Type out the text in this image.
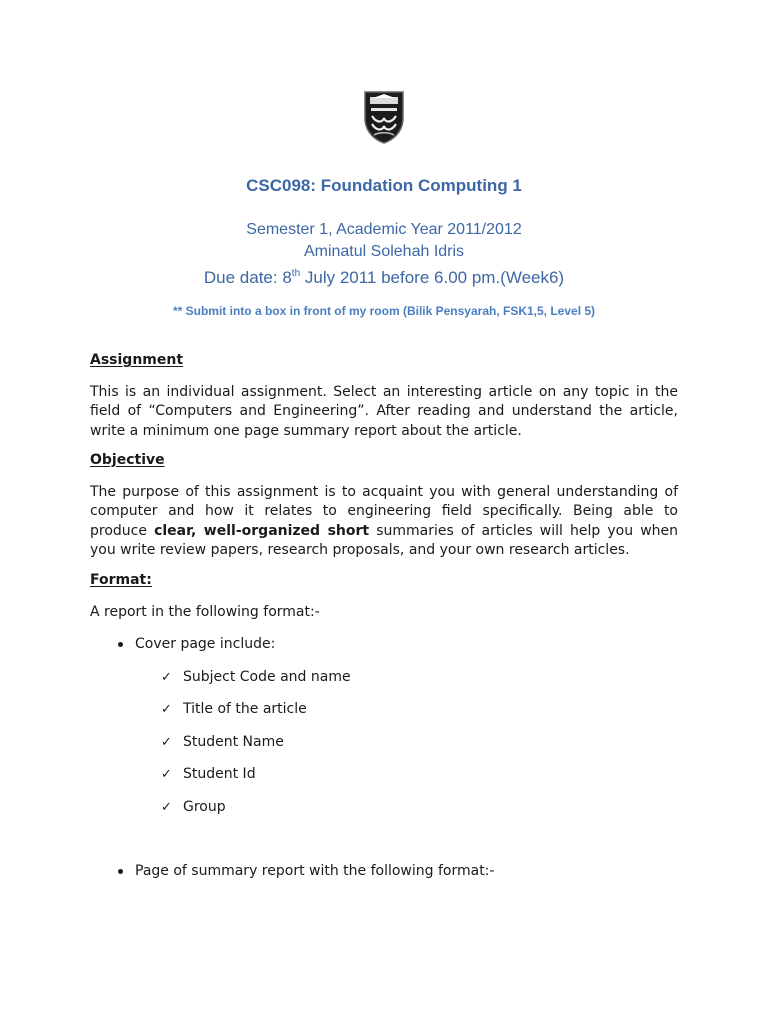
CSC098: Foundation Computing 1
Semester 1, Academic Year 2011/2012
Aminatul Solehah Idris
Due date: 8th July 2011 before 6.00 pm.(Week6)
** Submit into a box in front of my room (Bilik Pensyarah, FSK1,5, Level 5)
Assignment
This is an individual assignment. Select an interesting article on any topic in the
field of “Computers and Engineering”. After reading and understand the article,
write a minimum one page summary report about the article.
Objective
The purpose of this assignment is to acquaint you with general understanding of
computer and how it relates to engineering field specifically. Being able to
produce clear, well-organized short summaries of articles will help you when
you write review papers, research proposals, and your own research articles.
Format:
A report in the following format:-
Cover page include:
✓ Subject Code and name
✓ Title of the article
✓ Student Name
✓ Student Id
✓ Group
Page of summary report with the following format:-
